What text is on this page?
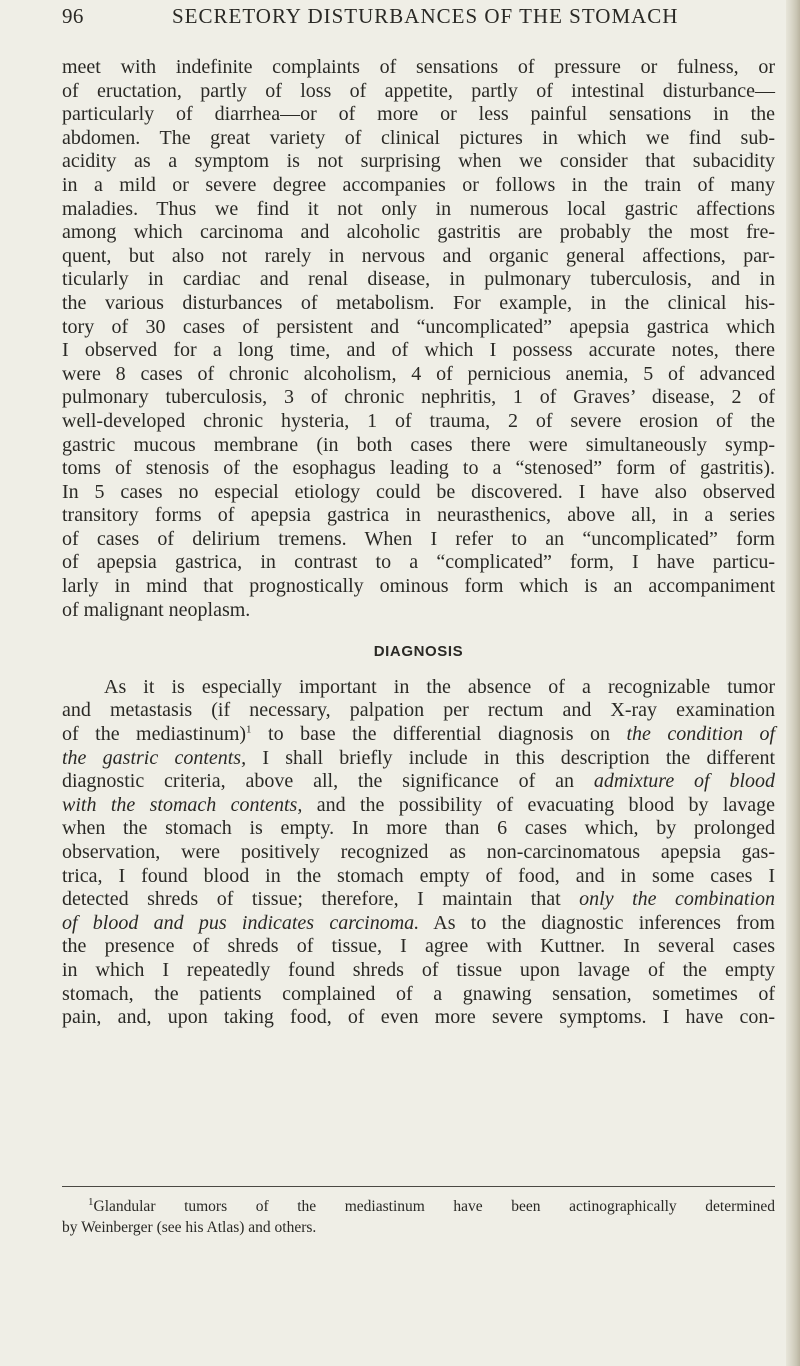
96	SECRETORY DISTURBANCES OF THE STOMACH
meet with indefinite complaints of sensations of pressure or fulness, or
of eructation, partly of loss of appetite, partly of intestinal disturbance—
particularly of diarrhea—or of more or less painful sensations in the
abdomen. The great variety of clinical pictures in which we find sub-
acidity as a symptom is not surprising when we consider that subacidity
in a mild or severe degree accompanies or follows in the train of many
maladies. Thus we find it not only in numerous local gastric affections
among which carcinoma and alcoholic gastritis are probably the most fre-
quent, but also not rarely in nervous and organic general affections, par-
ticularly in cardiac and renal disease, in pulmonary tuberculosis, and in
the various disturbances of metabolism. For example, in the clinical his-
tory of 30 cases of persistent and “uncomplicated” apepsia gastrica which
I observed for a long time, and of which I possess accurate notes, there
were 8 cases of chronic alcoholism, 4 of pernicious anemia, 5 of advanced
pulmonary tuberculosis, 3 of chronic nephritis, 1 of Graves’ disease, 2 of
well-developed chronic hysteria, 1 of trauma, 2 of severe erosion of the
gastric mucous membrane (in both cases there were simultaneously symp-
toms of stenosis of the esophagus leading to a “stenosed” form of gastritis).
In 5 cases no especial etiology could be discovered. I have also observed
transitory forms of apepsia gastrica in neurasthenics, above all, in a series
of cases of delirium tremens. When I refer to an “uncomplicated” form
of apepsia gastrica, in contrast to a “complicated” form, I have particu-
larly in mind that prognostically ominous form which is an accompaniment
of malignant neoplasm.
DIAGNOSIS
As it is especially important in the absence of a recognizable tumor
and metastasis (if necessary, palpation per rectum and X-ray examination
of the mediastinum)$^1$ to base the differential diagnosis on the condition of
the gastric contents, I shall briefly include in this description the different
diagnostic criteria, above all, the significance of an admixture of blood
with the stomach contents, and the possibility of evacuating blood by lavage
when the stomach is empty. In more than 6 cases which, by prolonged
observation, were positively recognized as non-carcinomatous apepsia gas-
trica, I found blood in the stomach empty of food, and in some cases I
detected shreds of tissue; therefore, I maintain that only the combination
of blood and pus indicates carcinoma. As to the diagnostic inferences from
the presence of shreds of tissue, I agree with Kuttner. In several cases
in which I repeatedly found shreds of tissue upon lavage of the empty
stomach, the patients complained of a gnawing sensation, sometimes of
pain, and, upon taking food, of even more severe symptoms. I have con-
$^1$Glandular tumors of the mediastinum have been actinographically determined
by Weinberger (see his Atlas) and others.
